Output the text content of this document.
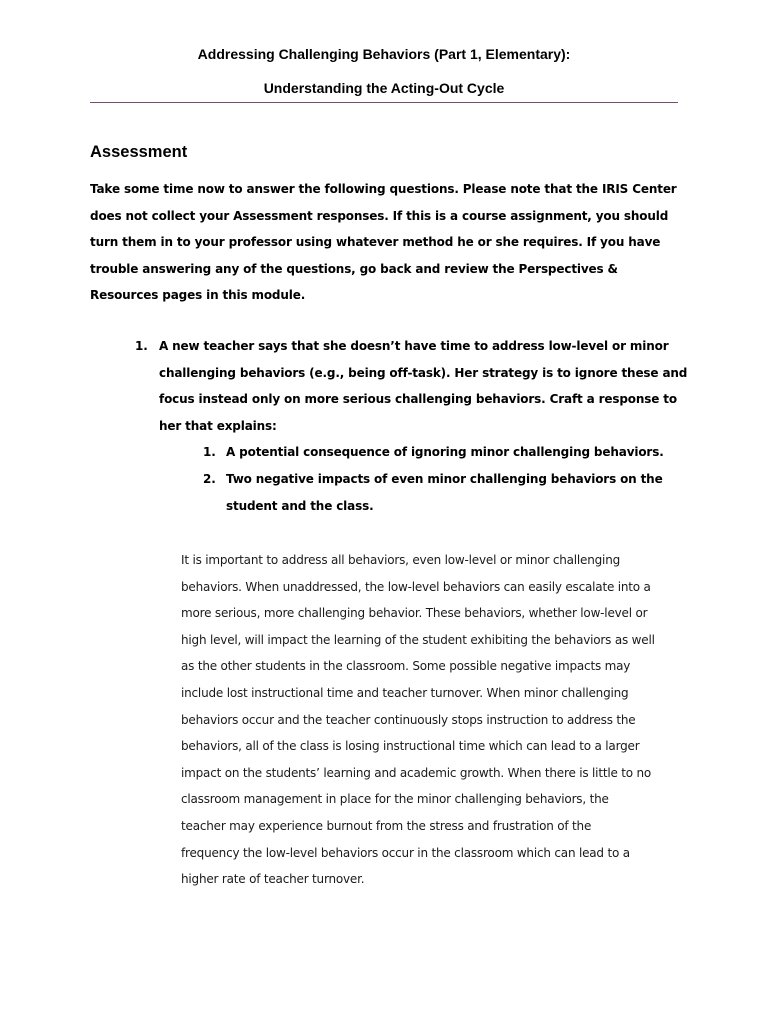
Addressing Challenging Behaviors (Part 1, Elementary):
Understanding the Acting-Out Cycle
Assessment
Take some time now to answer the following questions. Please note that the IRIS Center
does not collect your Assessment responses. If this is a course assignment, you should
turn them in to your professor using whatever method he or she requires. If you have
trouble answering any of the questions, go back and review the Perspectives &
Resources pages in this module.
1. A new teacher says that she doesn’t have time to address low-level or minor
challenging behaviors (e.g., being off-task). Her strategy is to ignore these and
focus instead only on more serious challenging behaviors. Craft a response to
her that explains:
1. A potential consequence of ignoring minor challenging behaviors.
2. Two negative impacts of even minor challenging behaviors on the
student and the class.
It is important to address all behaviors, even low-level or minor challenging
behaviors. When unaddressed, the low-level behaviors can easily escalate into a
more serious, more challenging behavior. These behaviors, whether low-level or
high level, will impact the learning of the student exhibiting the behaviors as well
as the other students in the classroom. Some possible negative impacts may
include lost instructional time and teacher turnover. When minor challenging
behaviors occur and the teacher continuously stops instruction to address the
behaviors, all of the class is losing instructional time which can lead to a larger
impact on the students’ learning and academic growth. When there is little to no
classroom management in place for the minor challenging behaviors, the
teacher may experience burnout from the stress and frustration of the
frequency the low-level behaviors occur in the classroom which can lead to a
higher rate of teacher turnover.
